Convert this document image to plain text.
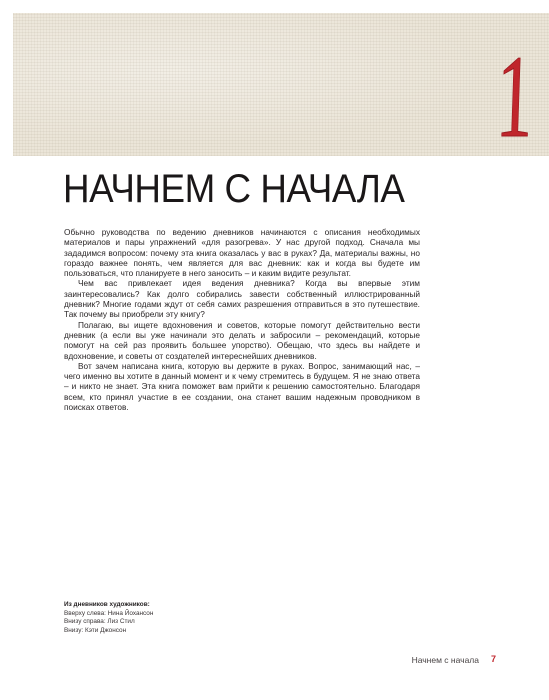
1
НАЧНЕМ С НАЧАЛА

Обычно руководства по ведению дневников начинаются с описания необходимых материалов и пары упражнений «для разогрева». У нас другой подход. Сначала мы зададимся вопросом: почему эта книга оказалась у вас в руках? Да, материалы важны, но гораздо важнее понять, чем является для вас дневник: как и когда вы будете им пользоваться, что планируете в него заносить – и каким видите результат.

Чем вас привлекает идея ведения дневника? Когда вы впервые этим заинтересовались? Как долго собирались завести собственный иллюстрированный дневник? Многие годами ждут от себя самих разрешения отправиться в это путешествие. Так почему вы приобрели эту книгу?

Полагаю, вы ищете вдохновения и советов, которые помогут действительно вести дневник (а если вы уже начинали это делать и забросили – рекомендаций, которые помогут на сей раз проявить большее упорство). Обещаю, что здесь вы найдете и вдохновение, и советы от создателей интереснейших дневников.

Вот зачем написана книга, которую вы держите в руках. Вопрос, занимающий нас, – чего именно вы хотите в данный момент и к чему стремитесь в будущем. Я не знаю ответа – и никто не знает. Эта книга поможет вам прийти к решению самостоятельно. Благодаря всем, кто принял участие в ее создании, она станет вашим надежным проводником в поисках ответов.

Из дневников художников:
Вверху слева: Нина Йохансон
Внизу справа: Лиз Стил
Внизу: Кэти Джонсон
Начнем с начала 7
